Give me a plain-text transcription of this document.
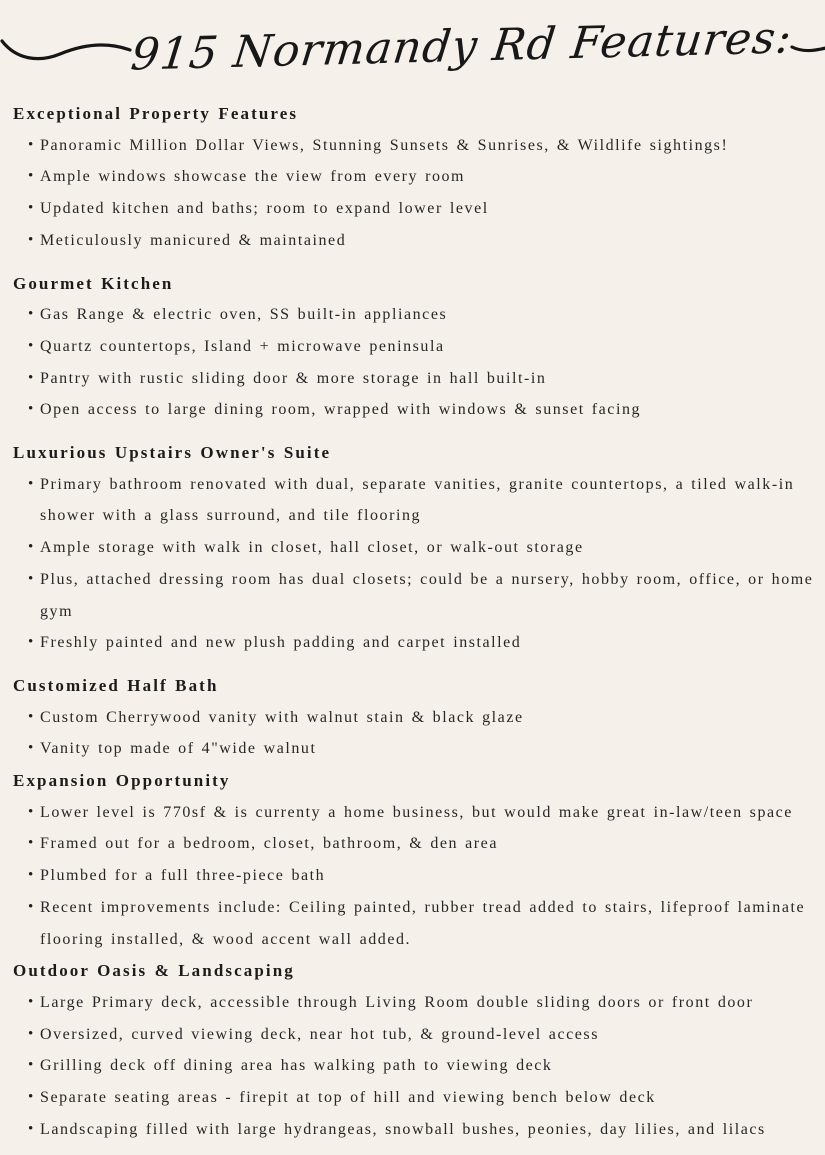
915 Normandy Rd Features:
Exceptional Property Features
• Panoramic Million Dollar Views, Stunning Sunsets & Sunrises, & Wildlife sightings!
• Ample windows showcase the view from every room
• Updated kitchen and baths; room to expand lower level
• Meticulously manicured & maintained
Gourmet Kitchen
• Gas Range & electric oven, SS built-in appliances
• Quartz countertops, Island + microwave peninsula
• Pantry with rustic sliding door & more storage in hall built-in
• Open access to large dining room, wrapped with windows & sunset facing
Luxurious Upstairs Owner's Suite
• Primary bathroom renovated with dual, separate vanities, granite countertops, a tiled walk-in shower with a glass surround, and tile flooring
• Ample storage with walk in closet, hall closet, or walk-out storage
• Plus, attached dressing room has dual closets; could be a nursery, hobby room, office, or home gym
• Freshly painted and new plush padding and carpet installed
Customized Half Bath
• Custom Cherrywood vanity with walnut stain & black glaze
• Vanity top made of 4"wide walnut
Expansion Opportunity
• Lower level is 770sf & is currenty a home business, but would make great in-law/teen space
• Framed out for a bedroom, closet, bathroom, & den area
• Plumbed for a full three-piece bath
• Recent improvements include: Ceiling painted, rubber tread added to stairs, lifeproof laminate flooring installed, & wood accent wall added.
Outdoor Oasis & Landscaping
• Large Primary deck, accessible through Living Room double sliding doors or front door
• Oversized, curved viewing deck, near hot tub, & ground-level access
• Grilling deck off dining area has walking path to viewing deck
• Separate seating areas - firepit at top of hill and viewing bench below deck
• Landscaping filled with large hydrangeas, snowball bushes, peonies, day lilies, and lilacs
